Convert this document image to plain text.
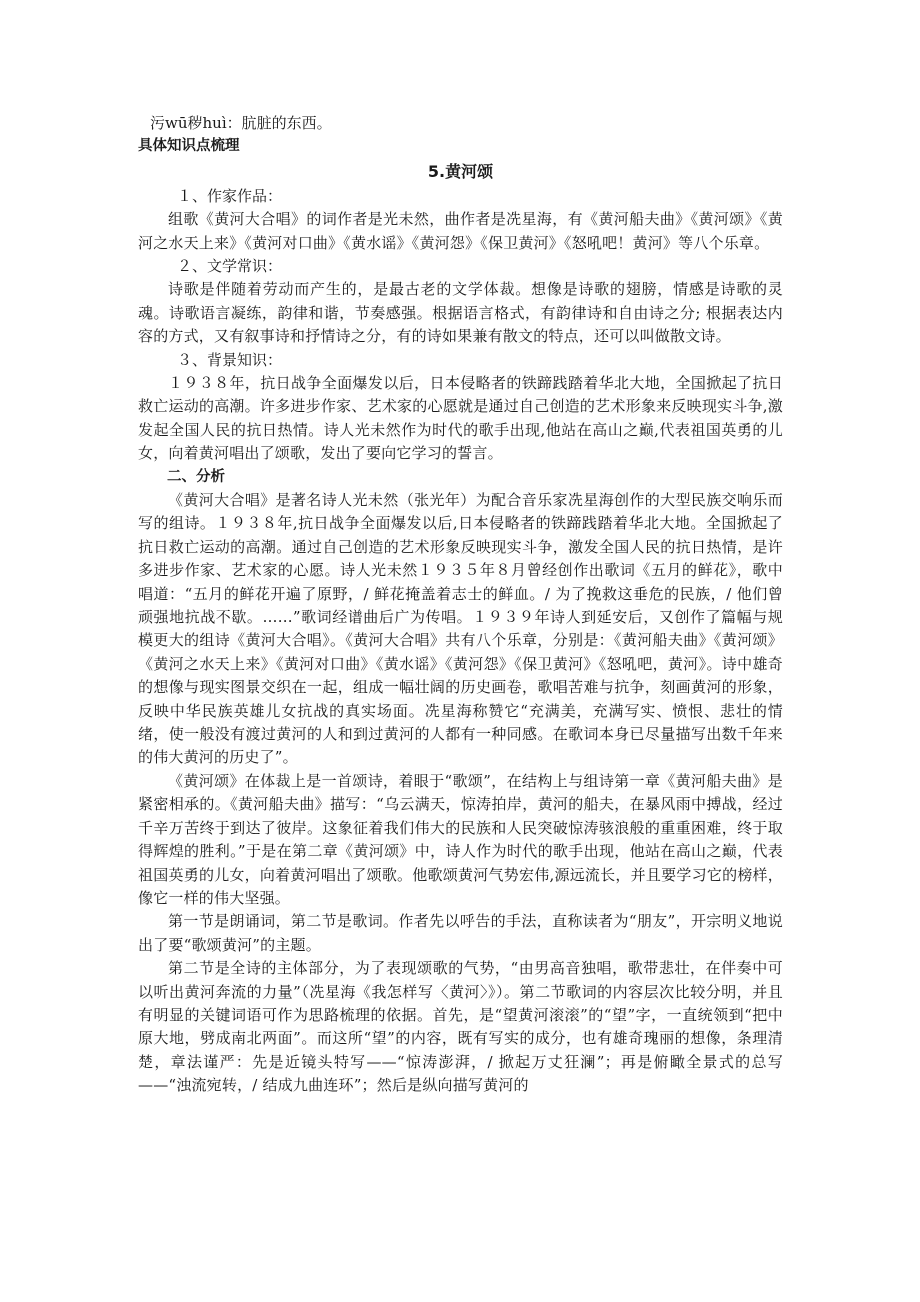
污wū秽huì：肮脏的东西。

具体知识点梳理

5.黄河颂

１、作家作品：

组歌《黄河大合唱》的词作者是光未然，曲作者是冼星海，有《黄河船夫曲》《黄河颂》《黄河之水天上来》《黄河对口曲》《黄水谣》《黄河怨》《保卫黄河》《怒吼吧！黄河》等八个乐章。

２、文学常识：

诗歌是伴随着劳动而产生的，是最古老的文学体裁。想像是诗歌的翅膀，情感是诗歌的灵魂。诗歌语言凝练，韵律和谐，节奏感强。根据语言格式，有韵律诗和自由诗之分; 根据表达内容的方式，又有叙事诗和抒情诗之分，有的诗如果兼有散文的特点，还可以叫做散文诗。

３、背景知识：

１９３８年，抗日战争全面爆发以后，日本侵略者的铁蹄践踏着华北大地，全国掀起了抗日救亡运动的高潮。许多进步作家、艺术家的心愿就是通过自己创造的艺术形象来反映现实斗争,激发起全国人民的抗日热情。诗人光未然作为时代的歌手出现,他站在高山之巅,代表祖国英勇的儿女，向着黄河唱出了颂歌，发出了要向它学习的誓言。

二、分析

《黄河大合唱》是著名诗人光未然（张光年）为配合音乐家冼星海创作的大型民族交响乐而写的组诗。１９３８年,抗日战争全面爆发以后,日本侵略者的铁蹄践踏着华北大地。全国掀起了抗日救亡运动的高潮。通过自己创造的艺术形象反映现实斗争，激发全国人民的抗日热情，是许多进步作家、艺术家的心愿。诗人光未然１９３５年８月曾经创作出歌词《五月的鲜花》，歌中唱道：“五月的鲜花开遍了原野，/ 鲜花掩盖着志士的鲜血。/ 为了挽救这垂危的民族，/ 他们曾顽强地抗战不歇。……”歌词经谱曲后广为传唱。１９３９年诗人到延安后，又创作了篇幅与规模更大的组诗《黄河大合唱》。《黄河大合唱》共有八个乐章，分别是：《黄河船夫曲》《黄河颂》《黄河之水天上来》《黄河对口曲》《黄水谣》《黄河怨》《保卫黄河》《怒吼吧，黄河》。诗中雄奇的想像与现实图景交织在一起，组成一幅壮阔的历史画卷，歌唱苦难与抗争，刻画黄河的形象，反映中华民族英雄儿女抗战的真实场面。冼星海称赞它“充满美，充满写实、愤恨、悲壮的情绪，使一般没有渡过黄河的人和到过黄河的人都有一种同感。在歌词本身已尽量描写出数千年来的伟大黄河的历史了”。

《黄河颂》在体裁上是一首颂诗，着眼于“歌颂”，在结构上与组诗第一章《黄河船夫曲》是紧密相承的。《黄河船夫曲》描写：“乌云满天，惊涛拍岸，黄河的船夫，在暴风雨中搏战，经过千辛万苦终于到达了彼岸。这象征着我们伟大的民族和人民突破惊涛骇浪般的重重困难，终于取得辉煌的胜利。”于是在第二章《黄河颂》中，诗人作为时代的歌手出现，他站在高山之巅，代表祖国英勇的儿女，向着黄河唱出了颂歌。他歌颂黄河气势宏伟,源远流长，并且要学习它的榜样，像它一样的伟大坚强。

第一节是朗诵词，第二节是歌词。作者先以呼告的手法，直称读者为“朋友”，开宗明义地说出了要“歌颂黄河”的主题。

第二节是全诗的主体部分，为了表现颂歌的气势，“由男高音独唱，歌带悲壮，在伴奏中可以听出黄河奔流的力量”（冼星海《我怎样写〈黄河〉》）。第二节歌词的内容层次比较分明，并且有明显的关键词语可作为思路梳理的依据。首先，是“望黄河滚滚”的“望”字，一直统领到“把中原大地，劈成南北两面”。而这所“望”的内容，既有写实的成分，也有雄奇瑰丽的想像，条理清楚，章法谨严：先是近镜头特写——“惊涛澎湃，/ 掀起万丈狂澜”；再是俯瞰全景式的总写——“浊流宛转，/ 结成九曲连环”；然后是纵向描写黄河的
